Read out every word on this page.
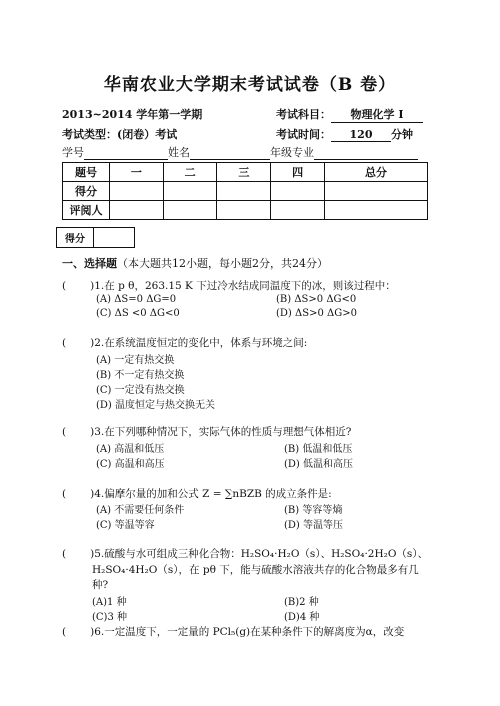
华南农业大学期末考试试卷（B 卷）
2013~2014 学年第一学期	考试科目： 物理化学 I
考试类型：(闭卷）考试	考试时间： 120 分钟
学号	姓名	年级专业
题号	一	二	三	四	总分
得分					
评阅人					
得分	
一、选择题（本大题共12小题，每小题2分，共24分）
( )1.在 p θ，263.15 K 下过冷水结成同温度下的冰，则该过程中：
(A) ΔS=0 ΔG=0	(B) ΔS>0 ΔG<0
(C) ΔS <0 ΔG<0	(D) ΔS>0 ΔG>0
( )2.在系统温度恒定的变化中，体系与环境之间:
(A) 一定有热交换
(B) 不一定有热交换
(C) 一定没有热交换
(D) 温度恒定与热交换无关
( )3.在下列哪种情况下，实际气体的性质与理想气体相近?
(A) 高温和低压	(B) 低温和低压
(C) 高温和高压	(D) 低温和高压
( )4.偏摩尔量的加和公式 Z = ∑nBZB 的成立条件是:
(A) 不需要任何条件	(B) 等容等熵
(C) 等温等容	(D) 等温等压
( )5.硫酸与水可组成三种化合物：H₂SO₄·H₂O（s）、H₂SO₄·2H₂O（s）、
H₂SO₄·4H₂O（s），在 pθ 下，能与硫酸水溶液共存的化合物最多有几
种?
(A)1 种	(B)2 种
(C)3 种	(D)4 种
( )6.一定温度下，一定量的 PCl₅(g)在某种条件下的解离度为α，改变
